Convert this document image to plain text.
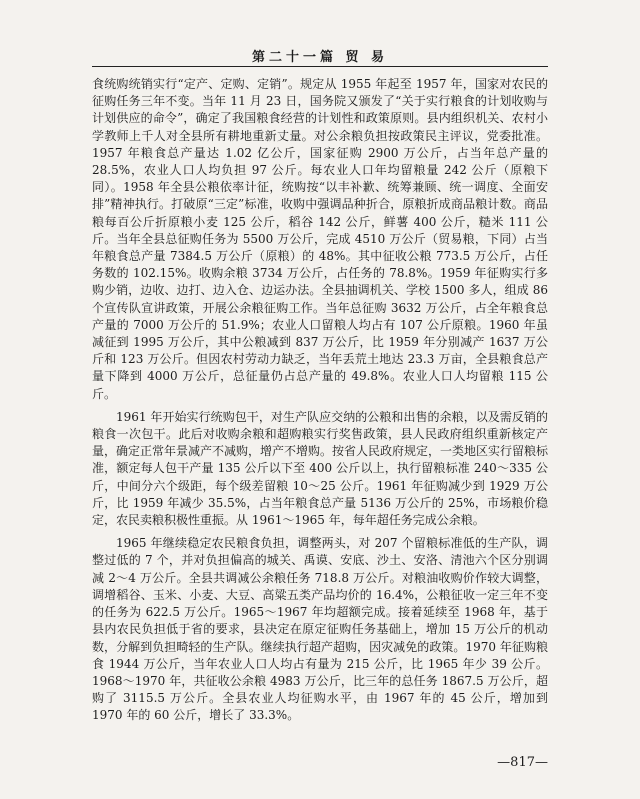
第二十一篇 贸 易

食统购统销实行“定产、定购、定销”。规定从 1955 年起至 1957 年，国家对农民的征购任务三年不变。当年 11 月 23 日，国务院又颁发了“关于实行粮食的计划收购与计划供应的命令”，确定了我国粮食经营的计划性和政策原则。县内组织机关、农村小学教师上千人对全县所有耕地重新丈量。对公余粮负担按政策民主评议，党委批准。1957 年粮食总产量达 1.02 亿公斤，国家征购 2900 万公斤，占当年总产量的 28.5%，农业人口人均负担 97 公斤。每农业人口年均留粮量 242 公斤（原粮下同）。1958 年全县公粮依率计征，统购按“以丰补歉、统筹兼顾、统一调度、全面安排”精神执行。打破原“三定”标准，收购中强调品种折合，原粮折成商品粮计数。商品粮每百公斤折原粮小麦 125 公斤，稻谷 142 公斤，鲜薯 400 公斤，糙米 111 公斤。当年全县总征购任务为 5500 万公斤，完成 4510 万公斤（贸易粮，下同）占当年粮食总产量 7384.5 万公斤（原粮）的 48%。其中征收公粮 773.5 万公斤，占任务数的 102.15%。收购余粮 3734 万公斤，占任务的 78.8%。1959 年征购实行多购少销，边收、边打、边入仓、边运办法。全县抽调机关、学校 1500 多人，组成 86 个宣传队宣讲政策，开展公余粮征购工作。当年总征购 3632 万公斤，占全年粮食总产量的 7000 万公斤的 51.9%；农业人口留粮人均占有 107 公斤原粮。1960 年虽减征到 1995 万公斤，其中公粮减到 837 万公斤，比 1959 年分别减产 1637 万公斤和 123 万公斤。但因农村劳动力缺乏，当年丢荒土地达 23.3 万亩，全县粮食总产量下降到 4000 万公斤，总征量仍占总产量的 49.8%。农业人口人均留粮 115 公斤。

1961 年开始实行统购包干，对生产队应交纳的公粮和出售的余粮，以及需反销的粮食一次包干。此后对收购余粮和超购粮实行奖售政策，县人民政府组织重新核定产量，确定正常年景减产不减购，增产不增购。按省人民政府规定，一类地区实行留粮标准，额定每人包干产量 135 公斤以下至 400 公斤以上，执行留粮标准 240～335 公斤，中间分六个级距，每个级差留粮 10～25 公斤。1961 年征购减少到 1929 万公斤，比 1959 年减少 35.5%，占当年粮食总产量 5136 万公斤的 25%，市场粮价稳定，农民卖粮积极性重振。从 1961～1965 年，每年超任务完成公余粮。

1965 年继续稳定农民粮食负担，调整两头，对 207 个留粮标准低的生产队，调整过低的 7 个，并对负担偏高的城关、禹谟、安底、沙土、安洛、清池六个区分别调减 2～4 万公斤。全县共调减公余粮任务 718.8 万公斤。对粮油收购价作较大调整，调增稻谷、玉米、小麦、大豆、高粱五类产品均价的 16.4%，公粮征收一定三年不变的任务为 622.5 万公斤。1965～1967 年均超额完成。接着延续至 1968 年，基于县内农民负担低于省的要求，县决定在原定征购任务基础上，增加 15 万公斤的机动数，分解到负担畸轻的生产队。继续执行超产超购，因灾减免的政策。1970 年征购粮食 1944 万公斤，当年农业人口人均占有量为 215 公斤，比 1965 年少 39 公斤。1968～1970 年，共征收公余粮 4983 万公斤，比三年的总任务 1867.5 万公斤，超购了 3115.5 万公斤。全县农业人均征购水平，由 1967 年的 45 公斤，增加到 1970 年的 60 公斤，增长了 33.3%。

—817—
